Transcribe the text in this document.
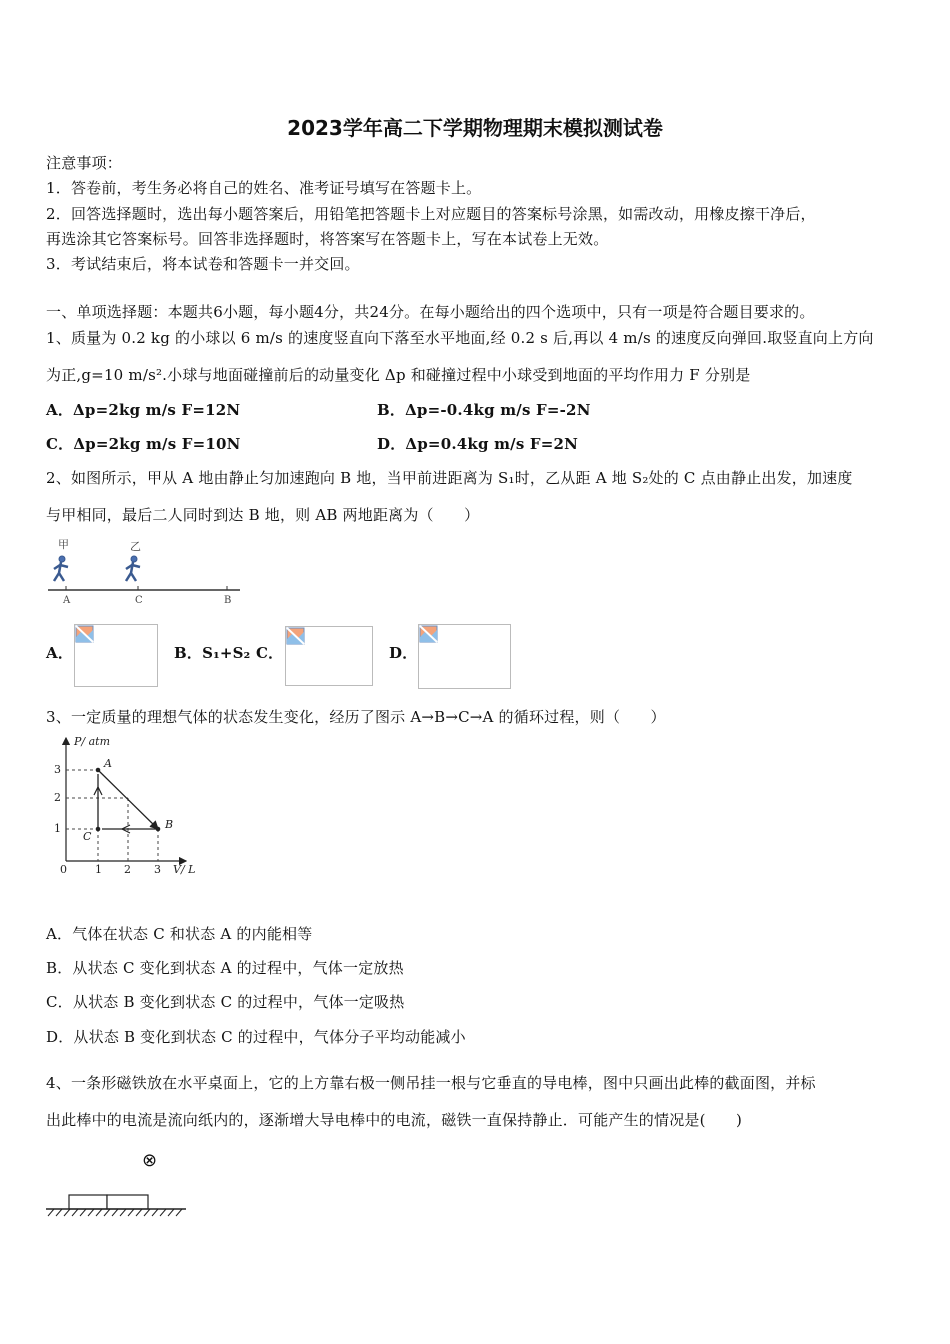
2023学年高二下学期物理期末模拟测试卷
注意事项：
1．答卷前，考生务必将自己的姓名、准考证号填写在答题卡上。
2．回答选择题时，选出每小题答案后，用铅笔把答题卡上对应题目的答案标号涂黑，如需改动，用橡皮擦干净后，
再选涂其它答案标号。回答非选择题时，将答案写在答题卡上，写在本试卷上无效。
3．考试结束后，将本试卷和答题卡一并交回。
一、单项选择题：本题共6小题，每小题4分，共24分。在每小题给出的四个选项中，只有一项是符合题目要求的。
1、质量为 0.2 kg 的小球以 6 m/s 的速度竖直向下落至水平地面,经 0.2 s 后,再以 4 m/s 的速度反向弹回.取竖直向上方向
为正,g=10 m/s².小球与地面碰撞前后的动量变化 Δp 和碰撞过程中小球受到地面的平均作用力 F 分别是
A．Δp=2kg m/s F=12N	B．Δp=-0.4kg m/s F=-2N
C．Δp=2kg m/s F=10N	D．Δp=0.4kg m/s F=2N
2、如图所示，甲从 A 地由静止匀加速跑向 B 地，当甲前进距离为 S₁时，乙从距 A 地 S₂处的 C 点由静止出发，加速度
与甲相同，最后二人同时到达 B 地，则 AB 两地距离为（　　）
甲	乙
A	C	B
A．	B．S₁+S₂ C．	D．
3、一定质量的理想气体的状态发生变化，经历了图示 A→B→C→A 的循环过程，则（　　）
P/ atm
V/ L
3
2
1
0	1 2 3
A
B
C
A．气体在状态 C 和状态 A 的内能相等
B．从状态 C 变化到状态 A 的过程中，气体一定放热
C．从状态 B 变化到状态 C 的过程中，气体一定吸热
D．从状态 B 变化到状态 C 的过程中，气体分子平均动能减小
4、一条形磁铁放在水平桌面上，它的上方靠右极一侧吊挂一根与它垂直的导电棒，图中只画出此棒的截面图，并标
出此棒中的电流是流向纸内的，逐渐增大导电棒中的电流，磁铁一直保持静止．可能产生的情况是(　　)
⊗
